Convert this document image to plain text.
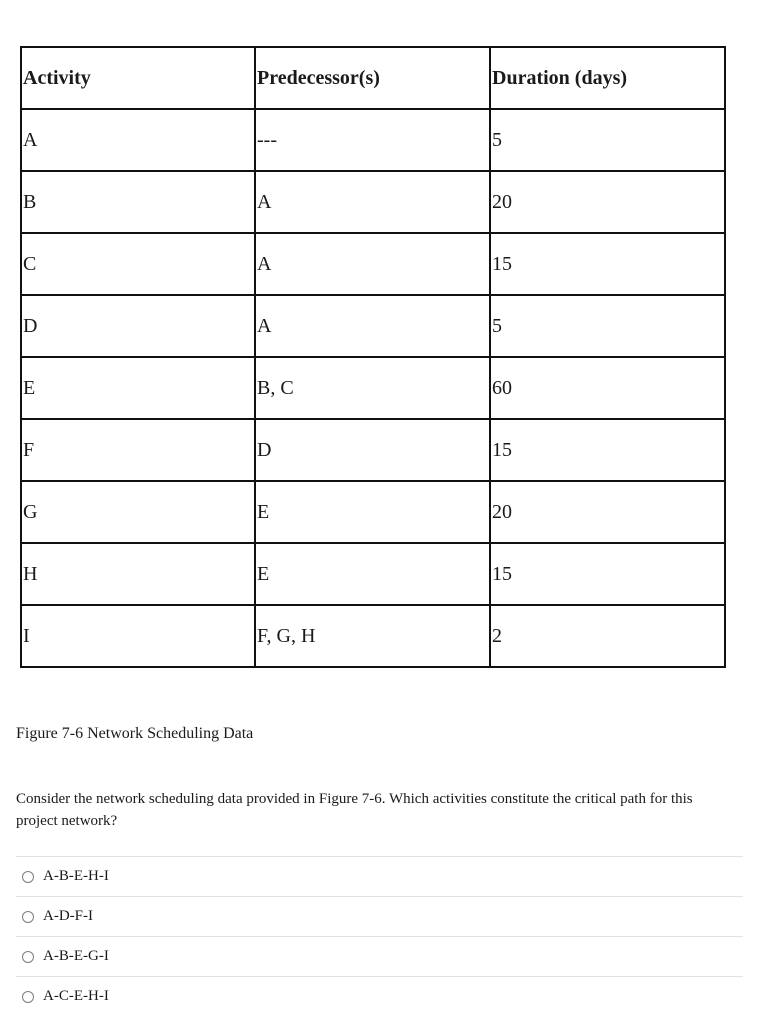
Activity	Predecessor(s)	Duration (days)
A	---	5
B	A	20
C	A	15
D	A	5
E	B, C	60
F	D	15
G	E	20
H	E	15
I	F, G, H	2

Figure 7-6 Network Scheduling Data

Consider the network scheduling data provided in Figure 7-6. Which activities constitute the critical path for this project network?

A-B-E-H-I
A-D-F-I
A-B-E-G-I
A-C-E-H-I
